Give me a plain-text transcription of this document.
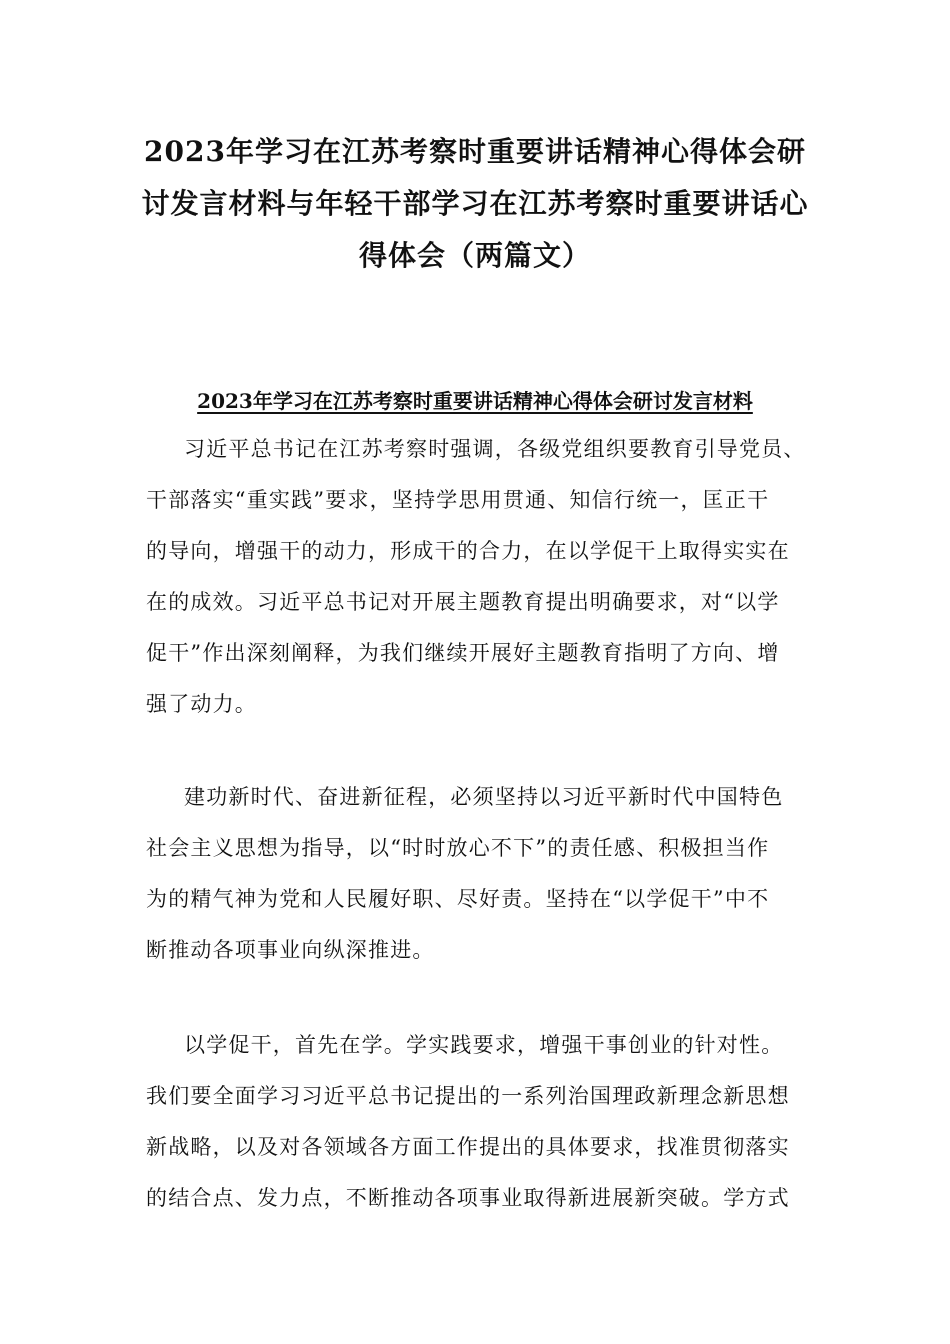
2023年学习在江苏考察时重要讲话精神心得体会研
讨发言材料与年轻干部学习在江苏考察时重要讲话心
得体会（两篇文）
2023年学习在江苏考察时重要讲话精神心得体会研讨发言材料

习近平总书记在江苏考察时强调，各级党组织要教育引导党员、
干部落实“重实践”要求，坚持学思用贯通、知信行统一，匡正干
的导向，增强干的动力，形成干的合力，在以学促干上取得实实在
在的成效。习近平总书记对开展主题教育提出明确要求，对“以学
促干”作出深刻阐释，为我们继续开展好主题教育指明了方向、增
强了动力。

建功新时代、奋进新征程，必须坚持以习近平新时代中国特色
社会主义思想为指导，以“时时放心不下”的责任感、积极担当作
为的精气神为党和人民履好职、尽好责。坚持在“以学促干”中不
断推动各项事业向纵深推进。

以学促干，首先在学。学实践要求，增强干事创业的针对性。
我们要全面学习习近平总书记提出的一系列治国理政新理念新思想
新战略，以及对各领域各方面工作提出的具体要求，找准贯彻落实
的结合点、发力点，不断推动各项事业取得新进展新突破。学方式
